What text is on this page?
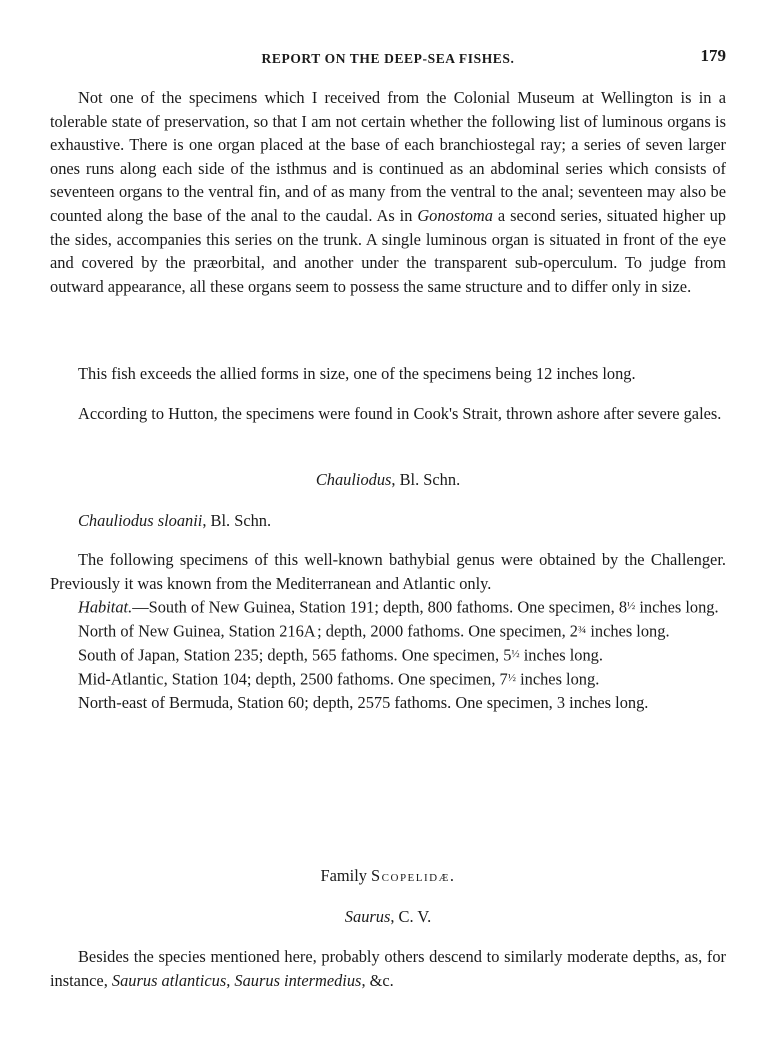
REPORT ON THE DEEP-SEA FISHES.	179

Not one of the specimens which I received from the Colonial Museum at Wellington is in a tolerable state of preservation, so that I am not certain whether the following list of luminous organs is exhaustive. There is one organ placed at the base of each branchiostegal ray; a series of seven larger ones runs along each side of the isthmus and is continued as an abdominal series which consists of seventeen organs to the ventral fin, and of as many from the ventral to the anal; seventeen may also be counted along the base of the anal to the caudal. As in Gonostoma a second series, situated higher up the sides, accompanies this series on the trunk. A single luminous organ is situated in front of the eye and covered by the præorbital, and another under the transparent sub-operculum. To judge from outward appearance, all these organs seem to possess the same structure and to differ only in size.

This fish exceeds the allied forms in size, one of the specimens being 12 inches long.

According to Hutton, the specimens were found in Cook's Strait, thrown ashore after severe gales.

Chauliodus, Bl. Schn.

Chauliodus sloanii, Bl. Schn.

The following specimens of this well-known bathybial genus were obtained by the Challenger. Previously it was known from the Mediterranean and Atlantic only.

Habitat.—South of New Guinea, Station 191; depth, 800 fathoms. One specimen, $8^{\frac{1}{2}}$ inches long.

North of New Guinea, Station 216A; depth, 2000 fathoms. One specimen, $2^{\frac{3}{4}}$ inches long.

South of Japan, Station 235; depth, 565 fathoms. One specimen, $5^{\frac{1}{2}}$ inches long.

Mid-Atlantic, Station 104; depth, 2500 fathoms. One specimen, $7^{\frac{1}{2}}$ inches long.

North-east of Bermuda, Station 60; depth, 2575 fathoms. One specimen, 3 inches long.

Family Scopelidæ.
Saurus, C. V.

Besides the species mentioned here, probably others descend to similarly moderate depths, as, for instance, Saurus atlanticus, Saurus intermedius, &c.
